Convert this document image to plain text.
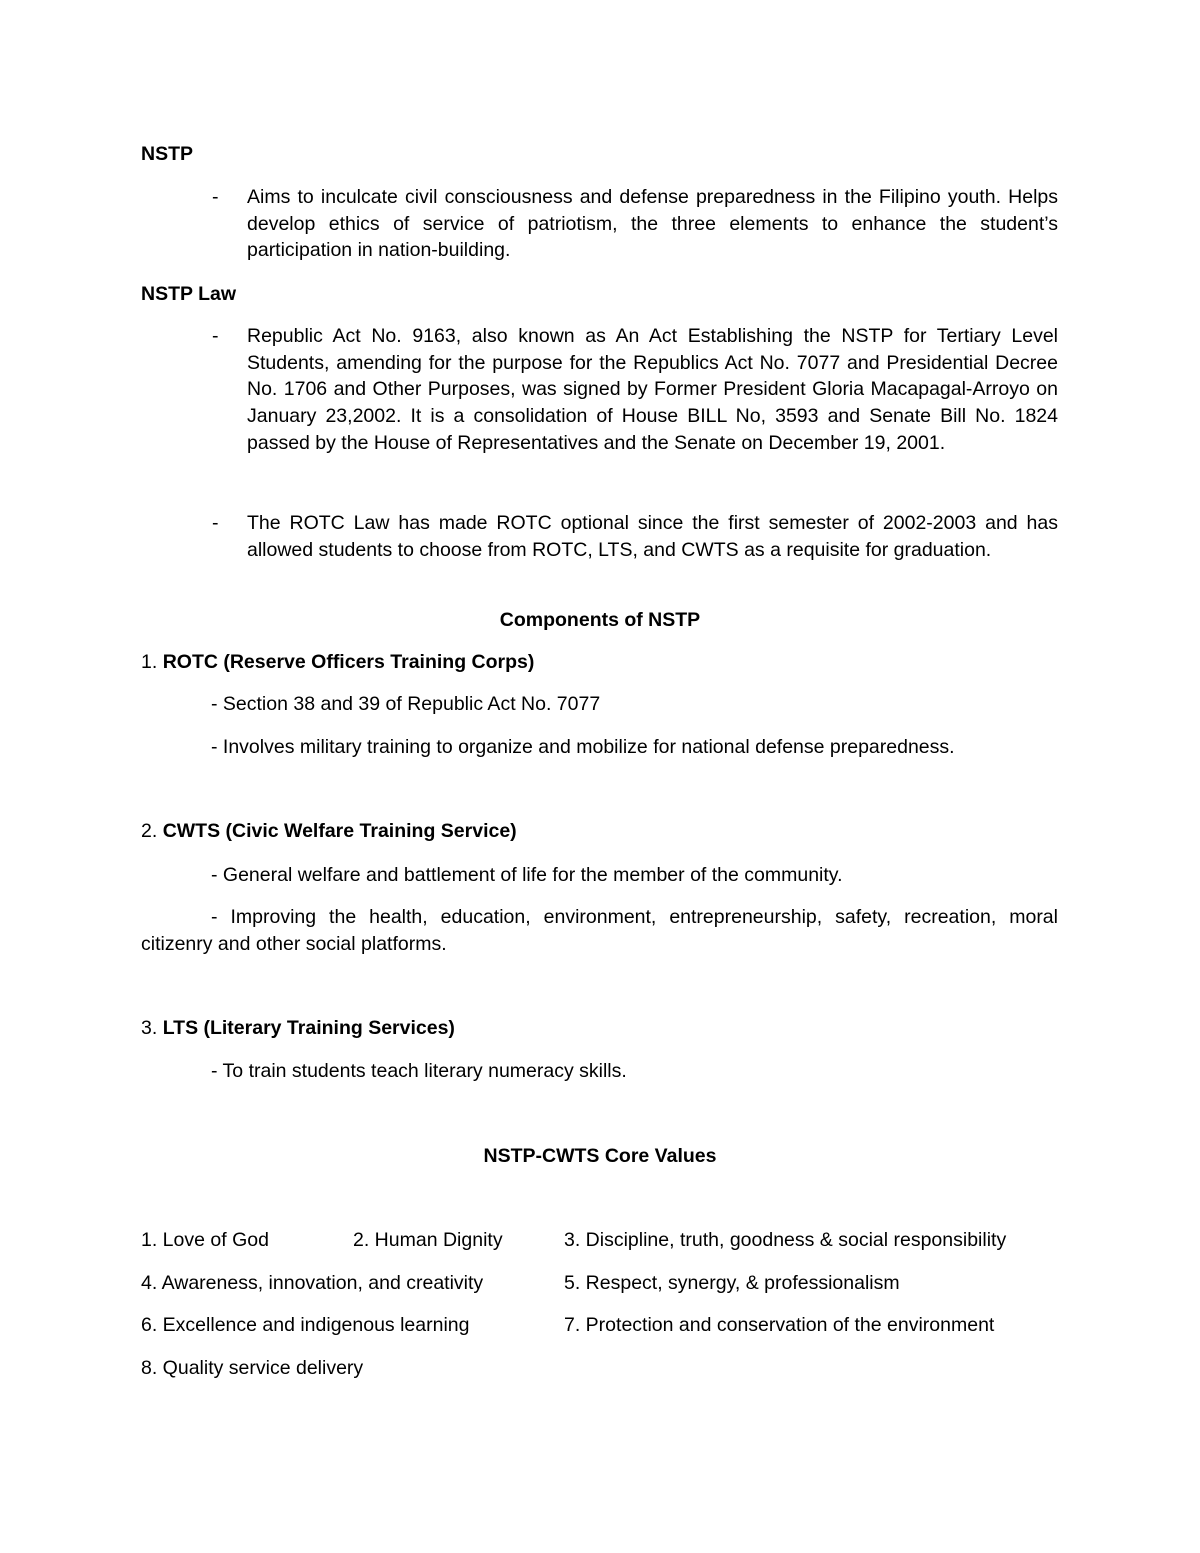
NSTP

- Aims to inculcate civil consciousness and defense preparedness in the Filipino youth. Helps develop ethics of service of patriotism, the three elements to enhance the student’s participation in nation-building.

NSTP Law

- Republic Act No. 9163, also known as An Act Establishing the NSTP for Tertiary Level Students, amending for the purpose for the Republics Act No. 7077 and Presidential Decree No. 1706 and Other Purposes, was signed by Former President Gloria Macapagal-Arroyo on January 23,2002. It is a consolidation of House BILL No, 3593 and Senate Bill No. 1824 passed by the House of Representatives and the Senate on December 19, 2001.

- The ROTC Law has made ROTC optional since the first semester of 2002-2003 and has allowed students to choose from ROTC, LTS, and CWTS as a requisite for graduation.

Components of NSTP

1. ROTC (Reserve Officers Training Corps)

- Section 38 and 39 of Republic Act No. 7077

- Involves military training to organize and mobilize for national defense preparedness.

2. CWTS (Civic Welfare Training Service)

- General welfare and battlement of life for the member of the community.

- Improving the health, education, environment, entrepreneurship, safety, recreation, moral citizenry and other social platforms.

3. LTS (Literary Training Services)

- To train students teach literary numeracy skills.

NSTP-CWTS Core Values

1. Love of God	2. Human Dignity	3. Discipline, truth, goodness & social responsibility

4. Awareness, innovation, and creativity	5. Respect, synergy, & professionalism

6. Excellence and indigenous learning	7. Protection and conservation of the environment

8. Quality service delivery
